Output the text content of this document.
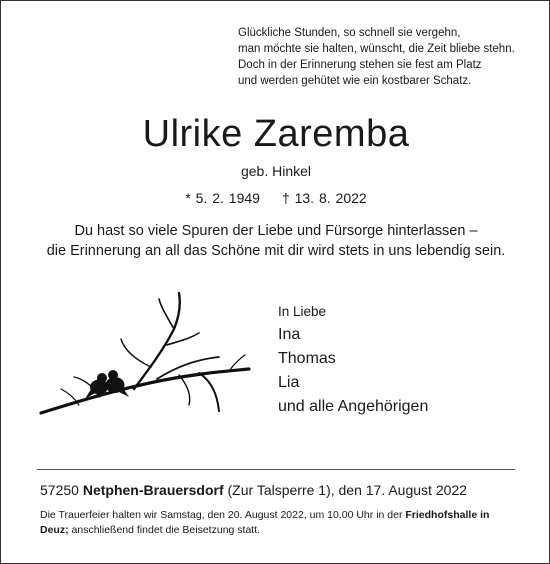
Glückliche Stunden, so schnell sie vergehn,
man möchte sie halten, wünscht, die Zeit bliebe stehn.
Doch in der Erinnerung stehen sie fest am Platz
und werden gehütet wie ein kostbarer Schatz.
Ulrike Zaremba
geb. Hinkel
* 5. 2. 1949 † 13. 8. 2022
Du hast so viele Spuren der Liebe und Fürsorge hinterlassen –
die Erinnerung an all das Schöne mit dir wird stets in uns lebendig sein.
In Liebe
Ina
Thomas
Lia
und alle Angehörigen
57250 Netphen-Brauersdorf (Zur Talsperre 1), den 17. August 2022
Die Trauerfeier halten wir Samstag, den 20. August 2022, um 10.00 Uhr in der Friedhofshalle in Deuz; anschließend findet die Beisetzung statt.
